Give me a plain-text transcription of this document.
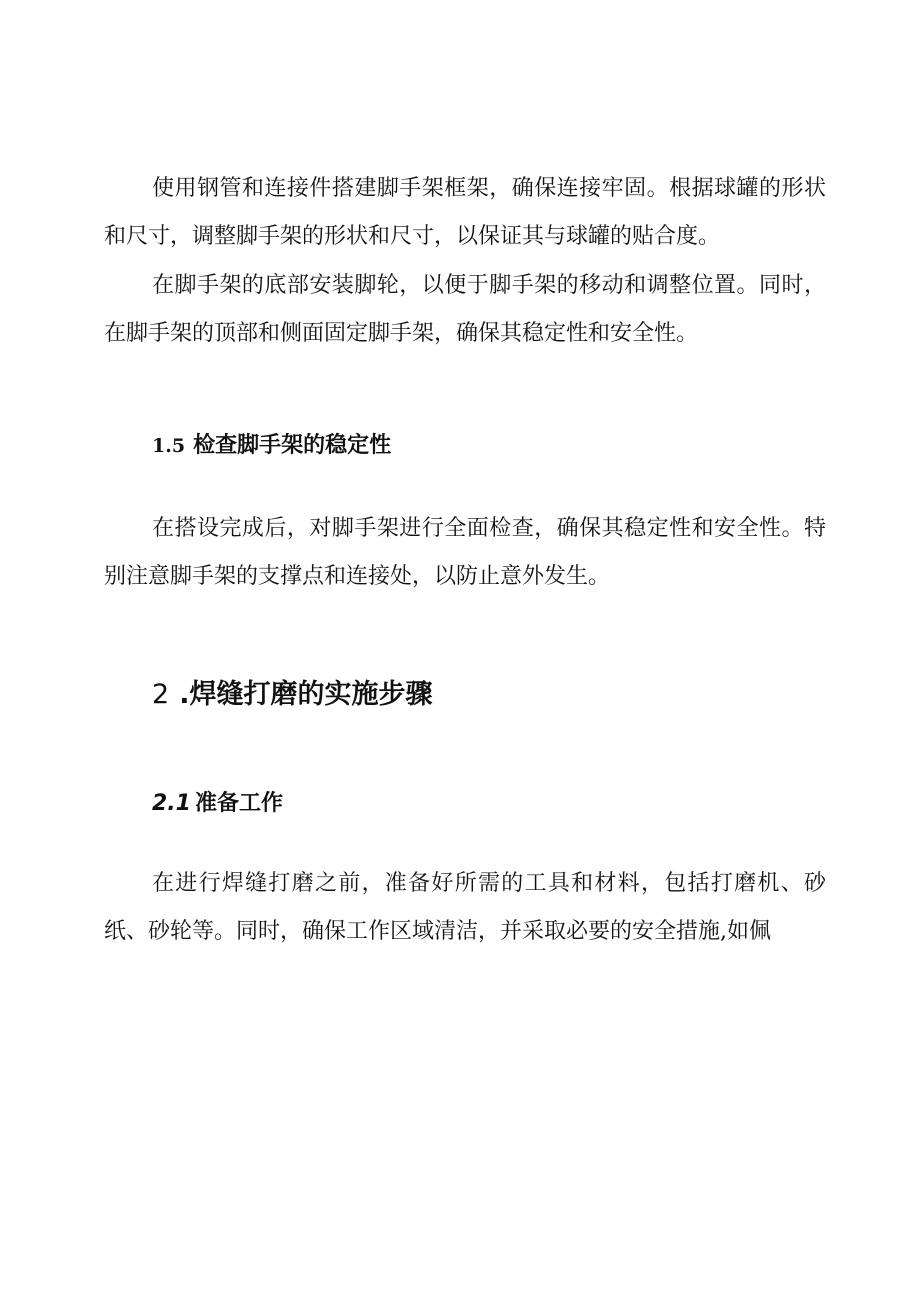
使用钢管和连接件搭建脚手架框架，确保连接牢固。根据球罐的形状和尺寸，调整脚手架的形状和尺寸，以保证其与球罐的贴合度。

在脚手架的底部安装脚轮，以便于脚手架的移动和调整位置。同时，在脚手架的顶部和侧面固定脚手架，确保其稳定性和安全性。

1.5 检查脚手架的稳定性

在搭设完成后，对脚手架进行全面检查，确保其稳定性和安全性。特别注意脚手架的支撑点和连接处，以防止意外发生。

2 .焊缝打磨的实施步骤
2.1 准备工作

在进行焊缝打磨之前，准备好所需的工具和材料，包括打磨机、砂纸、砂轮等。同时，确保工作区域清洁，并采取必要的安全措施,如佩
